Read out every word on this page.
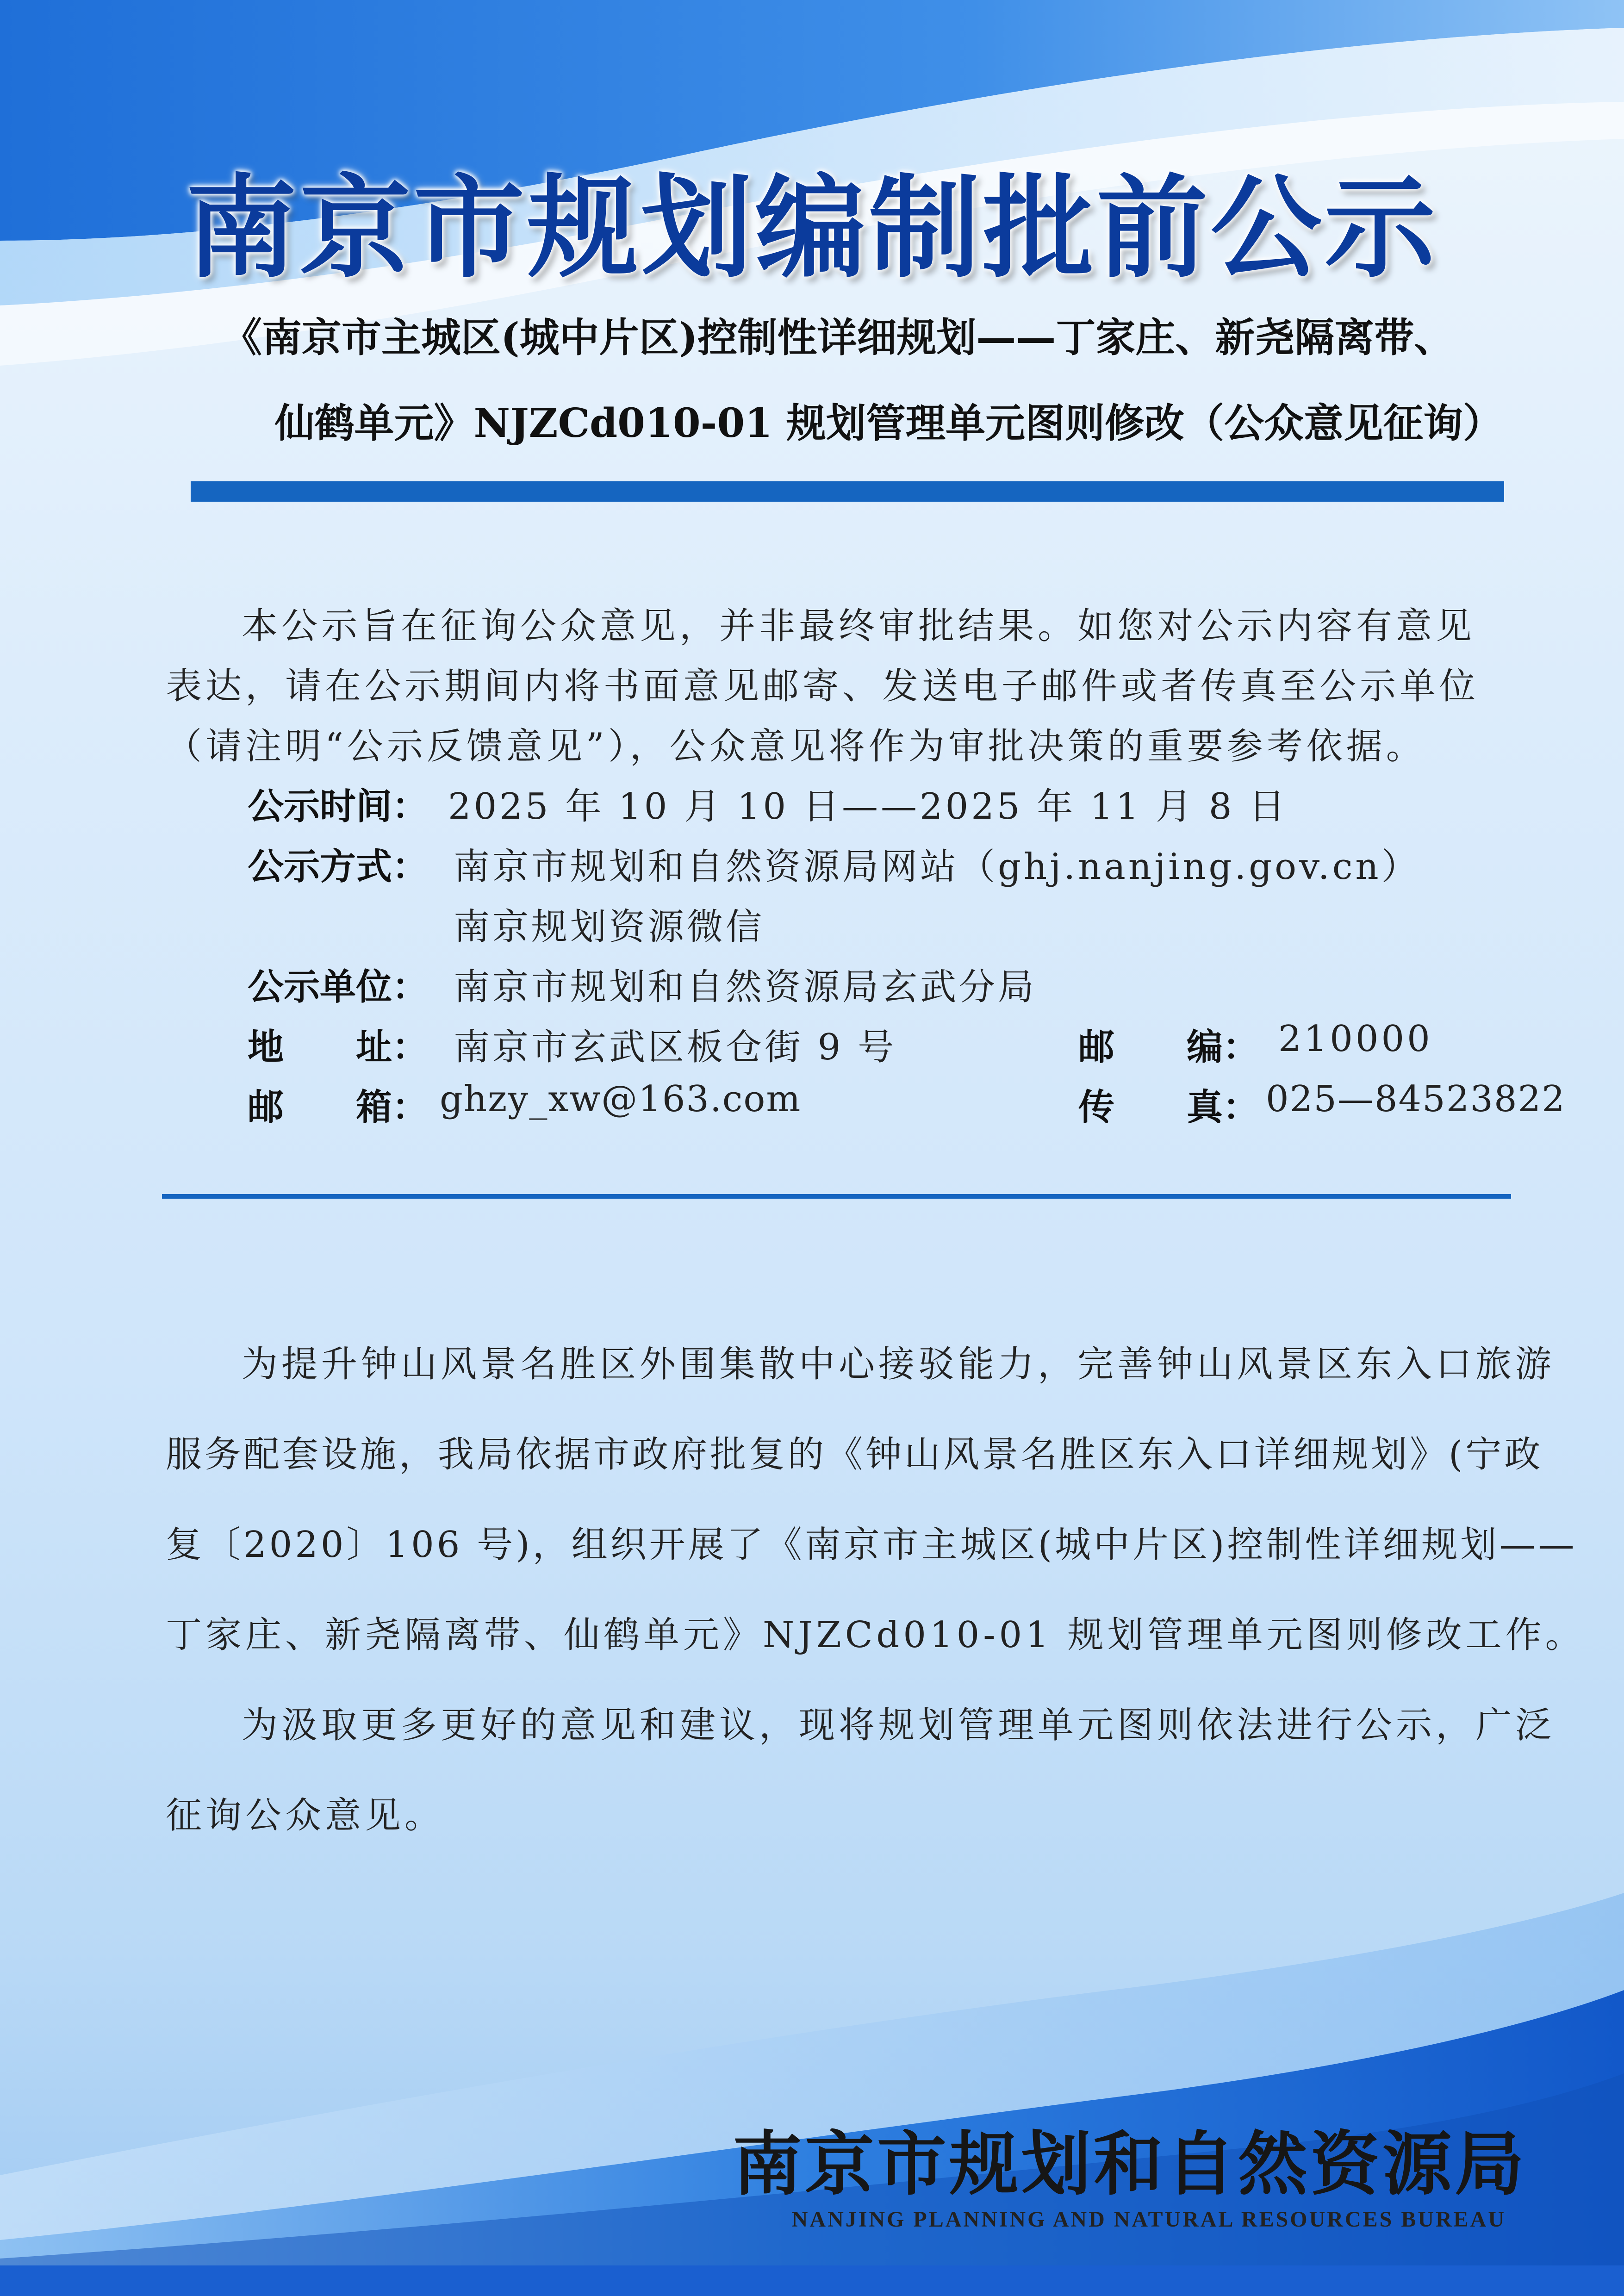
南京市规划编制批前公示
《南京市主城区(城中片区)控制性详细规划——丁家庄、新尧隔离带、
仙鹤单元》NJZCd010-01 规划管理单元图则修改（公众意见征询）
本公示旨在征询公众意见，并非最终审批结果。如您对公示内容有意见
表达，请在公示期间内将书面意见邮寄、发送电子邮件或者传真至公示单位
（请注明“公示反馈意见”），公众意见将作为审批决策的重要参考依据。
公示时间： 2025 年 10 月 10 日——2025 年 11 月 8 日
公示方式： 南京市规划和自然资源局网站（ghj.nanjing.gov.cn）
南京规划资源微信
公示单位： 南京市规划和自然资源局玄武分局
地　　址： 南京市玄武区板仓街 9 号	邮　　编： 210000
邮　　箱： ghzy_xw@163.com	传　　真： 025—84523822
为提升钟山风景名胜区外围集散中心接驳能力，完善钟山风景区东入口旅游
服务配套设施，我局依据市政府批复的《钟山风景名胜区东入口详细规划》(宁政
复〔2020〕106 号)，组织开展了《南京市主城区(城中片区)控制性详细规划——
丁家庄、新尧隔离带、仙鹤单元》NJZCd010-01 规划管理单元图则修改工作。
为汲取更多更好的意见和建议，现将规划管理单元图则依法进行公示，广泛
征询公众意见。
南京市规划和自然资源局
NANJING PLANNING AND NATURAL RESOURCES BUREAU
